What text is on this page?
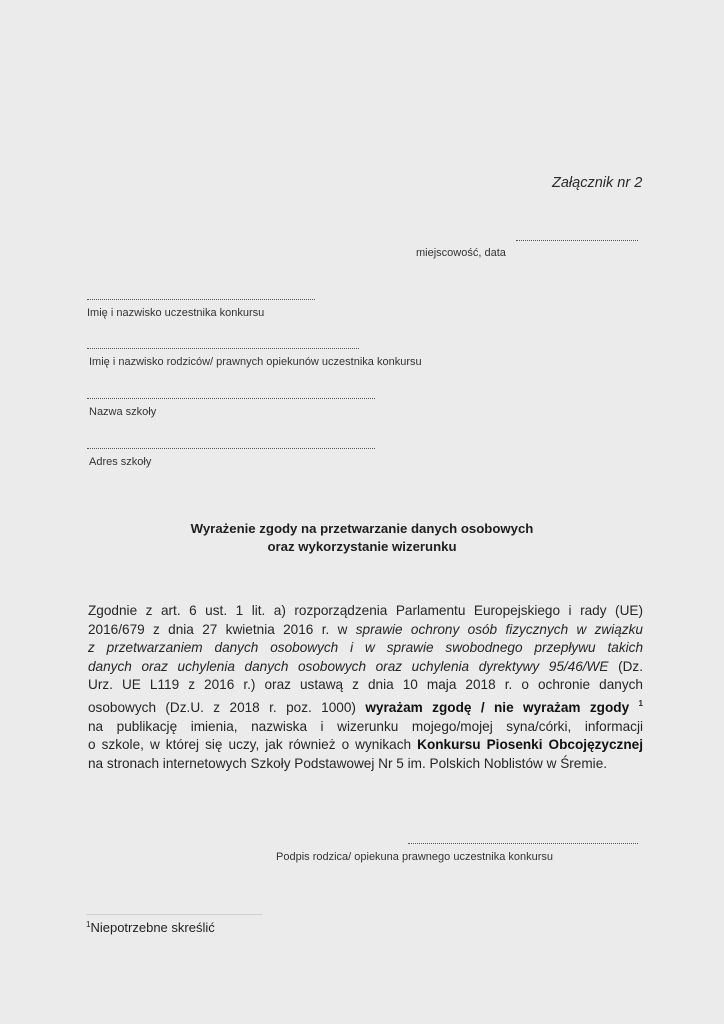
Załącznik nr 2
miejscowość, data
Imię i nazwisko uczestnika konkursu
Imię i nazwisko rodziców/ prawnych opiekunów uczestnika konkursu
Nazwa szkoły
Adres szkoły
Wyrażenie zgody na przetwarzanie danych osobowych
oraz wykorzystanie wizerunku
Zgodnie z art. 6 ust. 1 lit. a) rozporządzenia Parlamentu Europejskiego i rady (UE)
2016/679 z dnia 27 kwietnia 2016 r. w sprawie ochrony osób fizycznych w związku
z przetwarzaniem danych osobowych i w sprawie swobodnego przepływu takich
danych oraz uchylenia danych osobowych oraz uchylenia dyrektywy 95/46/WE (Dz.
Urz. UE L119 z 2016 r.) oraz ustawą z dnia 10 maja 2018 r. o ochronie danych
osobowych (Dz.U. z 2018 r. poz. 1000) wyrażam zgodę / nie wyrażam zgody $^1$
na publikację imienia, nazwiska i wizerunku mojego/mojej syna/córki, informacji
o szkole, w której się uczy, jak również o wynikach Konkursu Piosenki Obcojęzycznej
na stronach internetowych Szkoły Podstawowej Nr 5 im. Polskich Noblistów w Śremie.
Podpis rodzica/ opiekuna prawnego uczestnika konkursu
$^1$Niepotrzebne skreślić
